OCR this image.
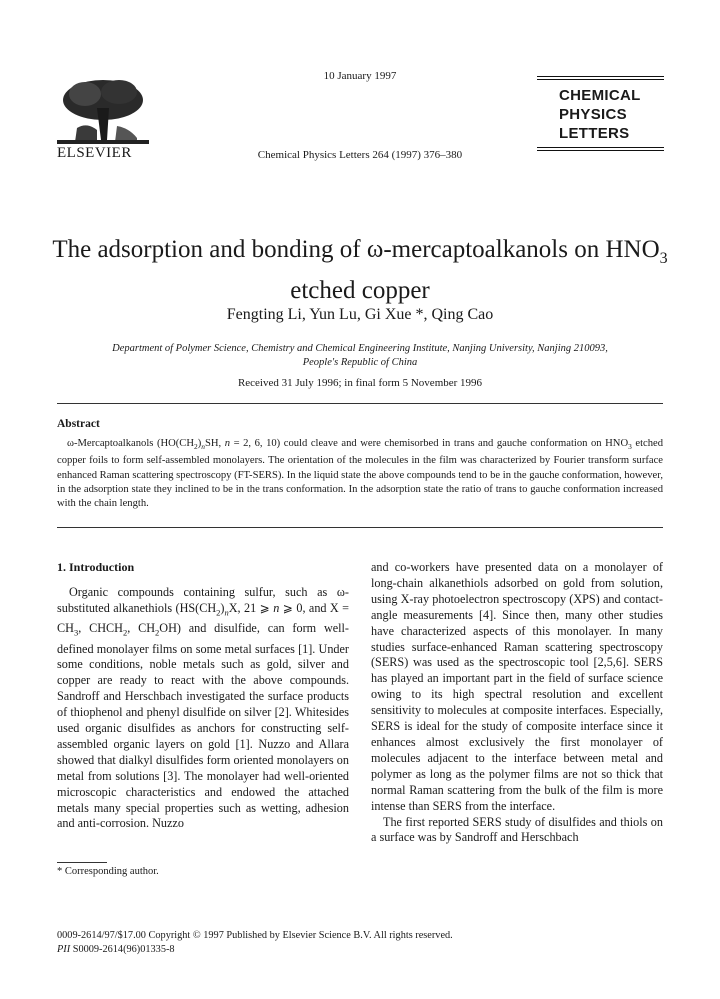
ELSEVIER
10 January 1997
Chemical Physics Letters 264 (1997) 376–380
CHEMICAL
PHYSICS
LETTERS
The adsorption and bonding of ω-mercaptoalkanols on $HNO_3$
etched copper
Fengting Li, Yun Lu, Gi Xue *, Qing Cao
Department of Polymer Science, Chemistry and Chemical Engineering Institute, Nanjing University, Nanjing 210093,
People's Republic of China
Received 31 July 1996; in final form 5 November 1996
Abstract
ω-Mercaptoalkanols ($HO(CH_2)_nSH$, n = 2, 6, 10) could cleave and were chemisorbed in trans and gauche conformation on $HNO_3$ etched copper foils to form self-assembled monolayers. The orientation of the molecules in the film was characterized by Fourier transform surface enhanced Raman scattering spectroscopy (FT-SERS). In the liquid state the above compounds tend to be in the gauche conformation, however, in the adsorption state they inclined to be in the trans conformation. In the adsorption state the ratio of trans to gauche conformation increased with the chain length.
1. Introduction

Organic compounds containing sulfur, such as ω-substituted alkanethiols ($HS(CH_2)_nX$, 21 ⩾ n ⩾ 0, and $X = CH_3$, $CHCH_2$, $CH_2OH$) and disulfide, can form well-defined monolayer films on some metal surfaces [1]. Under some conditions, noble metals such as gold, silver and copper are ready to react with the above compounds. Sandroff and Herschbach investigated the surface products of thiophenol and phenyl disulfide on silver [2]. Whitesides used organic disulfides as anchors for constructing self-assembled organic layers on gold [1]. Nuzzo and Allara showed that dialkyl disulfides form oriented monolayers on metal from solutions [3]. The monolayer had well-oriented microscopic characteristics and endowed the attached metals many special properties such as wetting, adhesion and anti-corrosion. Nuzzo

* Corresponding author.

and co-workers have presented data on a monolayer of long-chain alkanethiols adsorbed on gold from solution, using X-ray photoelectron spectroscopy (XPS) and contact-angle measurements [4]. Since then, many other studies have characterized aspects of this monolayer. In many studies surface-enhanced Raman scattering spectroscopy (SERS) was used as the spectroscopic tool [2,5,6]. SERS has played an important part in the field of surface science owing to its high spectral resolution and excellent sensitivity to molecules at composite interfaces. Especially, SERS is ideal for the study of composite interface since it enhances almost exclusively the first monolayer of molecules adjacent to the interface between metal and polymer as long as the polymer films are not so thick that normal Raman scattering from the bulk of the film is more intense than SERS from the interface.

The first reported SERS study of disulfides and thiols on a surface was by Sandroff and Herschbach

0009-2614/97/$17.00 Copyright © 1997 Published by Elsevier Science B.V. All rights reserved.
PII S0009-2614(96)01335-8
